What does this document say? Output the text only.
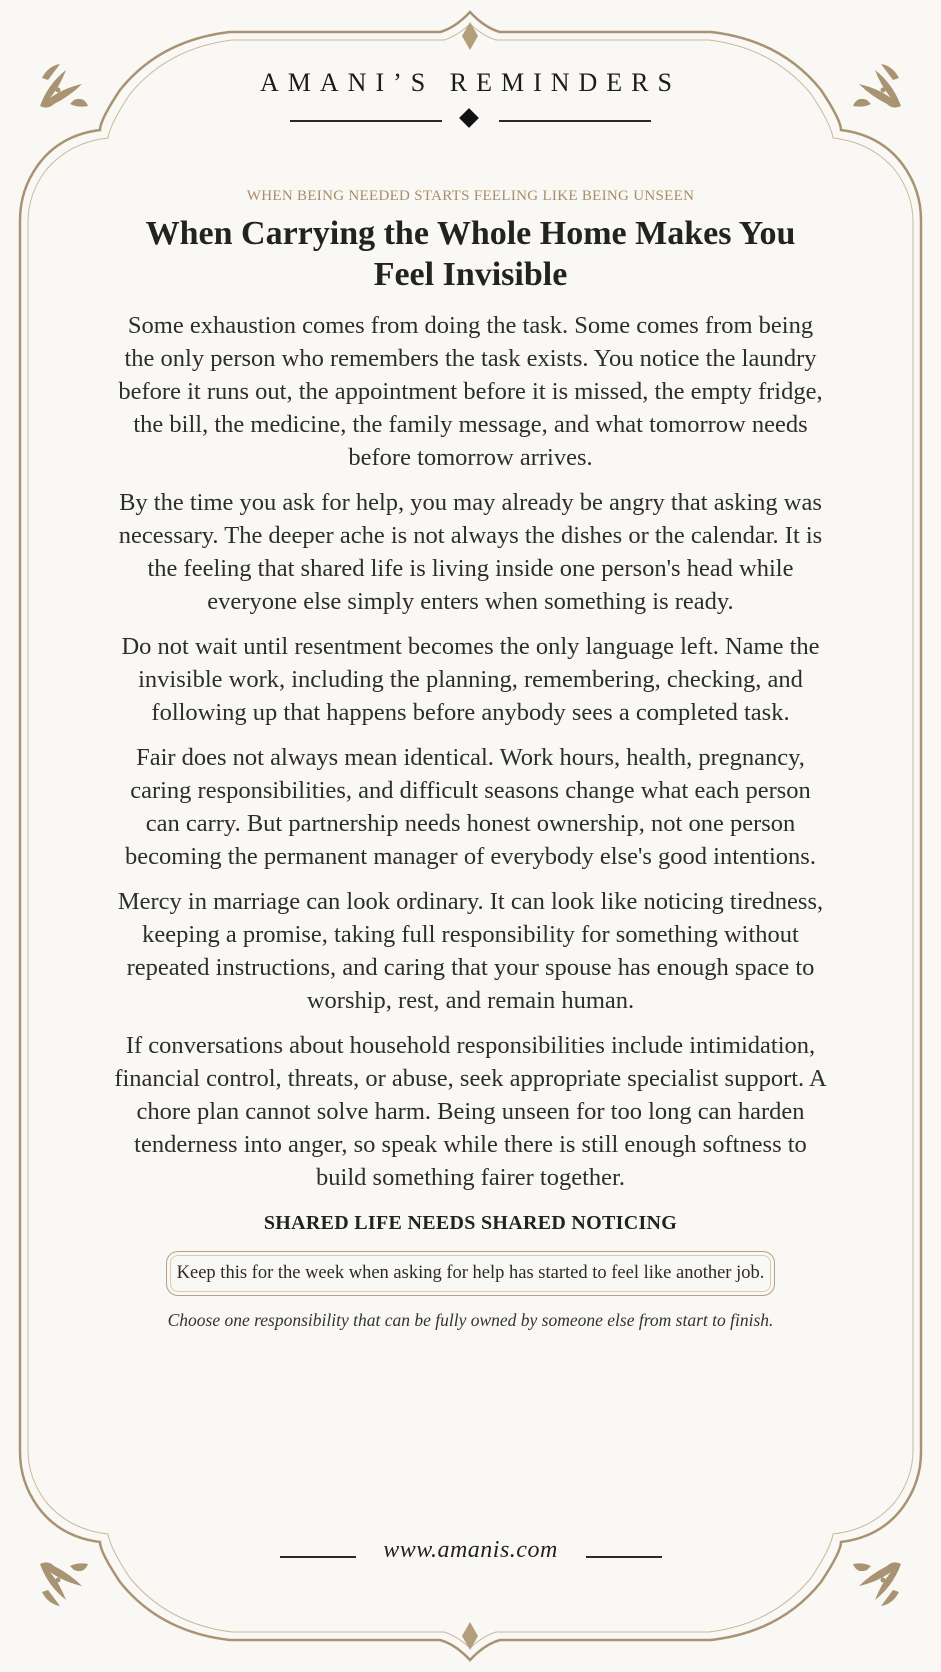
AMANI’S REMINDERS

WHEN BEING NEEDED STARTS FEELING LIKE BEING UNSEEN

When Carrying the Whole Home Makes You Feel Invisible

Some exhaustion comes from doing the task. Some comes from being the only person who remembers the task exists. You notice the laundry before it runs out, the appointment before it is missed, the empty fridge, the bill, the medicine, the family message, and what tomorrow needs before tomorrow arrives.

By the time you ask for help, you may already be angry that asking was necessary. The deeper ache is not always the dishes or the calendar. It is the feeling that shared life is living inside one person's head while everyone else simply enters when something is ready.

Do not wait until resentment becomes the only language left. Name the invisible work, including the planning, remembering, checking, and following up that happens before anybody sees a completed task.

Fair does not always mean identical. Work hours, health, pregnancy, caring responsibilities, and difficult seasons change what each person can carry. But partnership needs honest ownership, not one person becoming the permanent manager of everybody else's good intentions.

Mercy in marriage can look ordinary. It can look like noticing tiredness, keeping a promise, taking full responsibility for something without repeated instructions, and caring that your spouse has enough space to worship, rest, and remain human.

If conversations about household responsibilities include intimidation, financial control, threats, or abuse, seek appropriate specialist support. A chore plan cannot solve harm. Being unseen for too long can harden tenderness into anger, so speak while there is still enough softness to build something fairer together.

SHARED LIFE NEEDS SHARED NOTICING

Keep this for the week when asking for help has started to feel like another job.

Choose one responsibility that can be fully owned by someone else from start to finish.

www.amanis.com
